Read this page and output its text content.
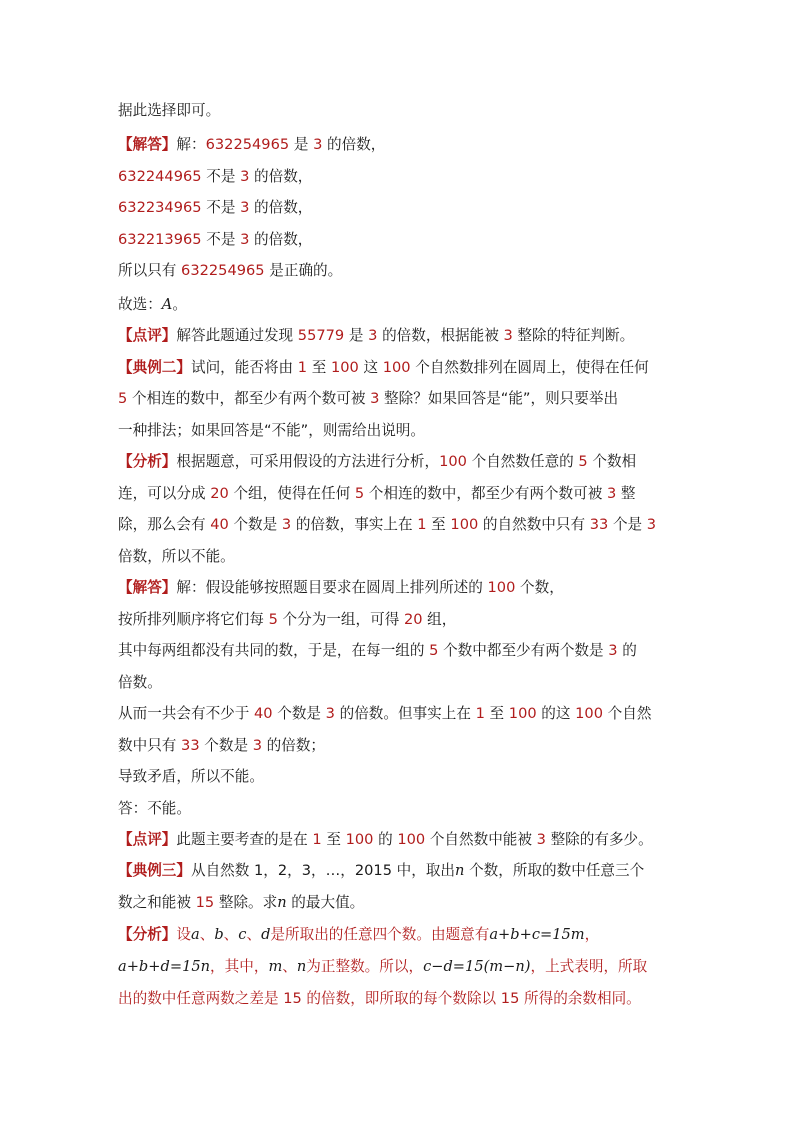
据此选择即可。
【解答】解：632254965 是 3 的倍数，
632244965 不是 3 的倍数，
632234965 不是 3 的倍数，
632213965 不是 3 的倍数，
所以只有 632254965 是正确的。
故选：A。
【点评】解答此题通过发现 55779 是 3 的倍数，根据能被 3 整除的特征判断。
【典例二】试问，能否将由 1 至 100 这 100 个自然数排列在圆周上，使得在任何
5 个相连的数中，都至少有两个数可被 3 整除？如果回答是“能”，则只要举出
一种排法；如果回答是“不能”，则需给出说明。
【分析】根据题意，可采用假设的方法进行分析，100 个自然数任意的 5 个数相
连，可以分成 20 个组，使得在任何 5 个相连的数中，都至少有两个数可被 3 整
除，那么会有 40 个数是 3 的倍数，事实上在 1 至 100 的自然数中只有 33 个是 3
倍数，所以不能。
【解答】解：假设能够按照题目要求在圆周上排列所述的 100 个数，
按所排列顺序将它们每 5 个分为一组，可得 20 组，
其中每两组都没有共同的数，于是，在每一组的 5 个数中都至少有两个数是 3 的
倍数。
从而一共会有不少于 40 个数是 3 的倍数。但事实上在 1 至 100 的这 100 个自然
数中只有 33 个数是 3 的倍数；
导致矛盾，所以不能。
答：不能。
【点评】此题主要考查的是在 1 至 100 的 100 个自然数中能被 3 整除的有多少。
【典例三】从自然数 1，2，3，…，2015 中，取出n 个数，所取的数中任意三个
数之和能被 15 整除。求n 的最大值。
【分析】设a、b、c、d是所取出的任意四个数。由题意有a+b+c=15m，
a+b+d=15n，其中，m、n为正整数。所以，c−d=15(m−n)，上式表明，所取
出的数中任意两数之差是 15 的倍数，即所取的每个数除以 15 所得的余数相同。
